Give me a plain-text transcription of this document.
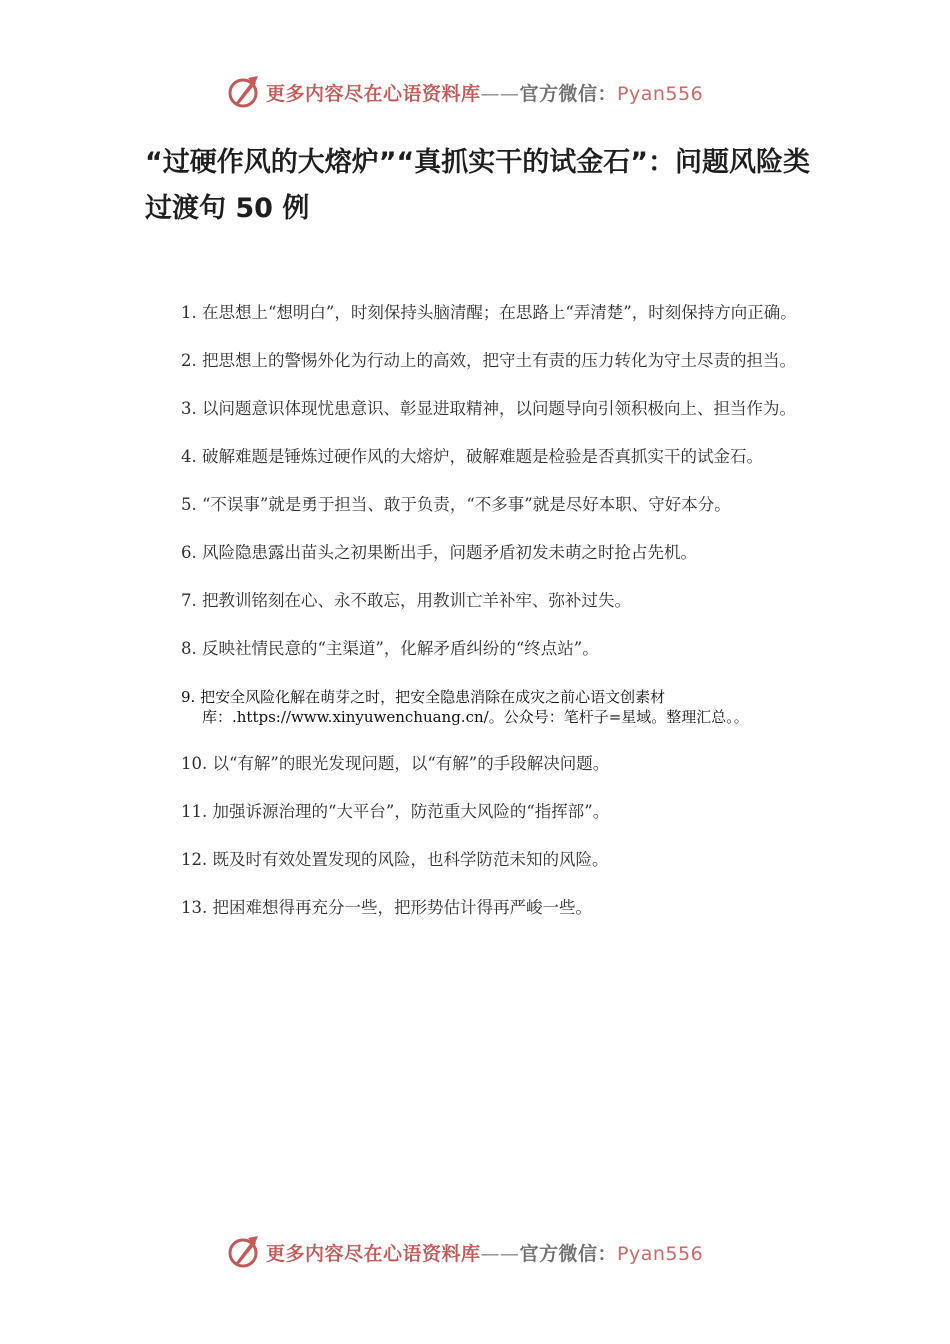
更多内容尽在心语资料库——官方微信：Pyan556
“过硬作风的大熔炉”“真抓实干的试金石”：问题风险类过渡句 50 例
1. 在思想上“想明白”，时刻保持头脑清醒；在思路上“弄清楚”，时刻保持方向正确。
2. 把思想上的警惕外化为行动上的高效，把守土有责的压力转化为守土尽责的担当。
3. 以问题意识体现忧患意识、彰显进取精神，以问题导向引领积极向上、担当作为。
4. 破解难题是锤炼过硬作风的大熔炉，破解难题是检验是否真抓实干的试金石。
5. “不误事”就是勇于担当、敢于负责，“不多事”就是尽好本职、守好本分。
6. 风险隐患露出苗头之初果断出手，问题矛盾初发未萌之时抢占先机。
7. 把教训铭刻在心、永不敢忘，用教训亡羊补牢、弥补过失。
8. 反映社情民意的“主渠道”，化解矛盾纠纷的“终点站”。
9. 把安全风险化解在萌芽之时，把安全隐患消除在成灾之前心语文创素材
库：.https://www.xinyuwenchuang.cn/。公众号：笔杆子=星域。整理汇总。。
10. 以“有解”的眼光发现问题，以“有解”的手段解决问题。
11. 加强诉源治理的“大平台”，防范重大风险的“指挥部”。
12. 既及时有效处置发现的风险，也科学防范未知的风险。
13. 把困难想得再充分一些，把形势估计得再严峻一些。
更多内容尽在心语资料库——官方微信：Pyan556
